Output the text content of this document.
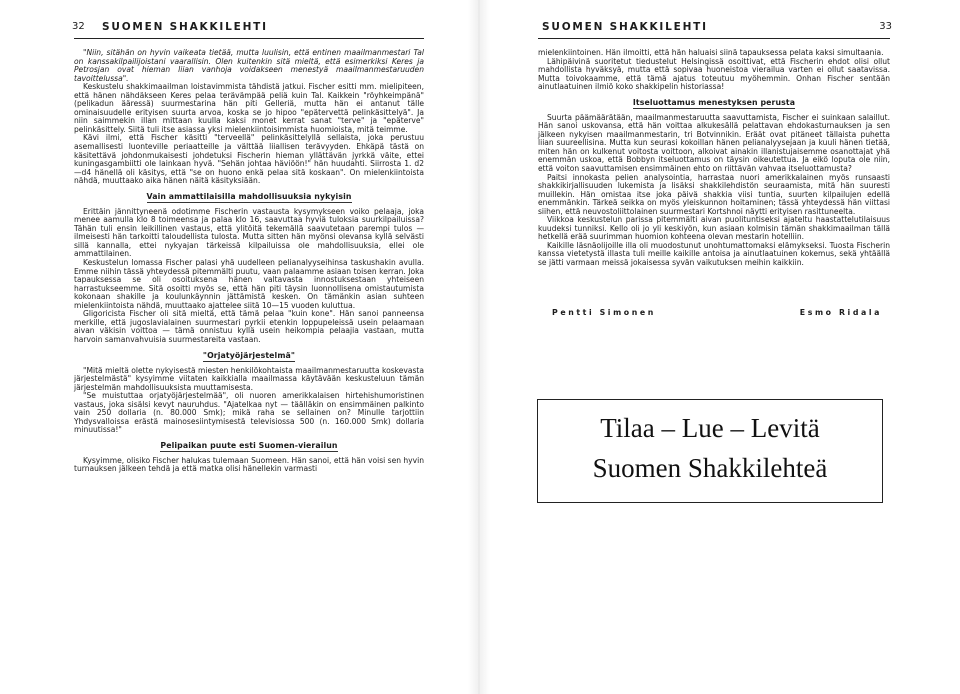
32 SUOMEN SHAKKILEHTI

"Niin, sitähän on hyvin vaikeata tietää, mutta luulisin, että entinen maailmanmestari Tal on kanssakilpailijoistani vaarallisin. Olen kuitenkin sitä mieltä, että esimerkiksi Keres ja Petrosjan ovat hieman liian vanhoja voidakseen menestyä maailmanmestaruuden tavoittelussa".

Keskustelu shakkimaailman loistavimmista tähdistä jatkui. Fischer esitti mm. mielipiteen, että hänen nähdäkseen Keres pelaa terävämpää peliä kuin Tal. Kaikkein "röyhkeimpänä" (pelikadun ääressä) suurmestarina hän piti Gelleriä, mutta hän ei antanut tälle ominaisuudelle erityisen suurta arvoa, koska se jo hipoo "epätervettä pelinkäsittelyä". Ja niin saimmekin illan mittaan kuulla kaksi monet kerrat sanat "terve" ja "epäterve" pelinkäsittely. Siitä tuli itse asiassa yksi mielenkiintoisimmista huomioista, mitä teimme.

Kävi ilmi, että Fischer käsitti "terveellä" pelinkäsittelyllä sellaista, joka perustuu asemallisesti luonteville periaatteille ja välttää liiallisen terävyyden. Ehkäpä tästä on käsitettävä johdonmukaisesti johdetuksi Fischerin hieman yllättävän jyrkkä väite, ettei kuningasgambiitti ole lainkaan hyvä. "Sehän johtaa häviöön!" hän huudahti. Siirrosta 1. d2—d4 hänellä oli käsitys, että "se on huono enkä pelaa sitä koskaan". On mielenkiintoista nähdä, muuttaako aika hänen näitä käsityksiään.

Vain ammattilaisilla mahdollisuuksia nykyisin

Erittäin jännittyneenä odotimme Fischerin vastausta kysymykseen voiko pelaaja, joka menee aamulla klo 8 toimeensa ja palaa klo 16, saavuttaa hyviä tuloksia suurkilpailuissa? Tähän tuli ensin leikillinen vastaus, että ylitöitä tekemällä saavutetaan parempi tulos — ilmeisesti hän tarkoitti taloudellista tulosta. Mutta sitten hän myönsi olevansa kyllä selvästi sillä kannalla, ettei nykyajan tärkeissä kilpailuissa ole mahdollisuuksia, ellei ole ammattilainen.

Keskustelun lomassa Fischer palasi yhä uudelleen pelianalyyseihinsa taskushakin avulla. Emme niihin tässä yhteydessä pitemmälti puutu, vaan palaamme asiaan toisen kerran. Joka tapauksessa se oli osoituksena hänen valtavasta innostuksestaan yhteiseen harrastukseemme. Sitä osoitti myös se, että hän piti täysin luonnollisena omistautumista kokonaan shakille ja koulunkäynnin jättämistä kesken. On tämänkin asian suhteen mielenkiintoista nähdä, muuttaako ajattelee siitä 10—15 vuoden kuluttua.

Gligoricista Fischer oli sitä mieltä, että tämä pelaa "kuin kone". Hän sanoi panneensa merkille, että jugoslavialainen suurmestari pyrkii etenkin loppupeleissä usein pelaamaan aivan väkisin voittoa — tämä onnistuu kyllä usein heikompia pelaajia vastaan, mutta harvoin samanvahvuisia suurmestareita vastaan.

"Orjatyöjärjestelmä"

"Mitä mieltä olette nykyisestä miesten henkilökohtaista maailmanmestaruutta koskevasta järjestelmästä" kysyimme viitaten kaikkialla maailmassa käytävään keskusteluun tämän järjestelmän mahdollisuuksista muuttamisesta.

"Se muistuttaa orjatyöjärjestelmää", oli nuoren amerikkalaisen hirtehishumoristinen vastaus, joka sisälsi kevyt nauruhdus. "Ajatelkaa nyt — täälläkin on ensimmäinen palkinto vain 250 dollaria (n. 80.000 Smk); mikä raha se sellainen on? Minulle tarjottiin Yhdysvalloissa erästä mainosesiintymisestä televisiossa 500 (n. 160.000 Smk) dollaria minuutissa!"

Pelipaikan puute esti Suomen-vierailun

Kysyimme, olisiko Fischer halukas tulemaan Suomeen. Hän sanoi, että hän voisi sen hyvin turnauksen jälkeen tehdä ja että matka olisi hänellekin varmasti

SUOMEN SHAKKILEHTI	33

mielenkiintoinen. Hän ilmoitti, että hän haluaisi siinä tapauksessa pelata kaksi simultaania.

Lähipäivinä suoritetut tiedustelut Helsingissä osoittivat, että Fischerin ehdot olisi ollut mahdollista hyväksyä, mutta että sopivaa huoneistoa vierailua varten ei ollut saatavissa. Mutta toivokaamme, että tämä ajatus toteutuu myöhemmin. Onhan Fischer sentään ainutlaatuinen ilmiö koko shakkipelin historiassa!

Itseluottamus menestyksen perusta

Suurta päämäärätään, maailmanmestaruutta saavuttamista, Fischer ei suinkaan salaillut. Hän sanoi uskovansa, että hän voittaa alkukesällä pelattavan ehdokasturnauksen ja sen jälkeen nykyisen maailmanmestarin, tri Botvinnikin. Eräät ovat pitäneet tällaista puhetta liian suureellisina. Mutta kun seurasi kokoillan hänen pelianalyysejaan ja kuuli hänen tietää, miten hän on kulkenut voitosta voittoon, alkoivat ainakin illanistujaisemme osanottajat yhä enemmän uskoa, että Bobbyn itseluottamus on täysin oikeutettua. Ja eikö loputa ole niin, että voiton saavuttamisen ensimmäinen ehto on riittävän vahvaa itseluottamusta?

Paitsi innokasta pelien analysointia, harrastaa nuori amerikkalainen myös runsaasti shakkikirjallisuuden lukemista ja lisäksi shakkilehdistön seuraamista, mitä hän suuresti muillekin. Hän omistaa itse joka päivä shakkia viisi tuntia, suurten kilpailujen edellä enemmänkin. Tärkeä seikka on myös yleiskunnon hoitaminen; tässä yhteydessä hän viittasi siihen, että neuvostoliittolainen suurmestari Kortshnoi näytti erityisen rasittuneelta.

Viikkoa keskustelun parissa pitemmälti aivan puolituntiseksi ajateltu haastattelutilaisuus kuudeksi tunniksi. Kello oli jo yli keskiyön, kun asiaan kolmisin tämän shakkimaailman tällä hetkellä erää suurimman huomion kohteena olevan mestarin hotelliin.

Kaikille läsnäolijoille illa oli muodostunut unohtumattomaksi elämykseksi. Tuosta Fischerin kanssa vietetystä illasta tuli meille kaikille antoisa ja ainutlaatuinen kokemus, sekä yhtäällä se jätti varmaan meissä jokaisessa syvän vaikutuksen meihin kaikkiin.

Pentti Simonen	Esmo Ridala
Tilaa – Lue – Levitä
Suomen Shakkilehteä
